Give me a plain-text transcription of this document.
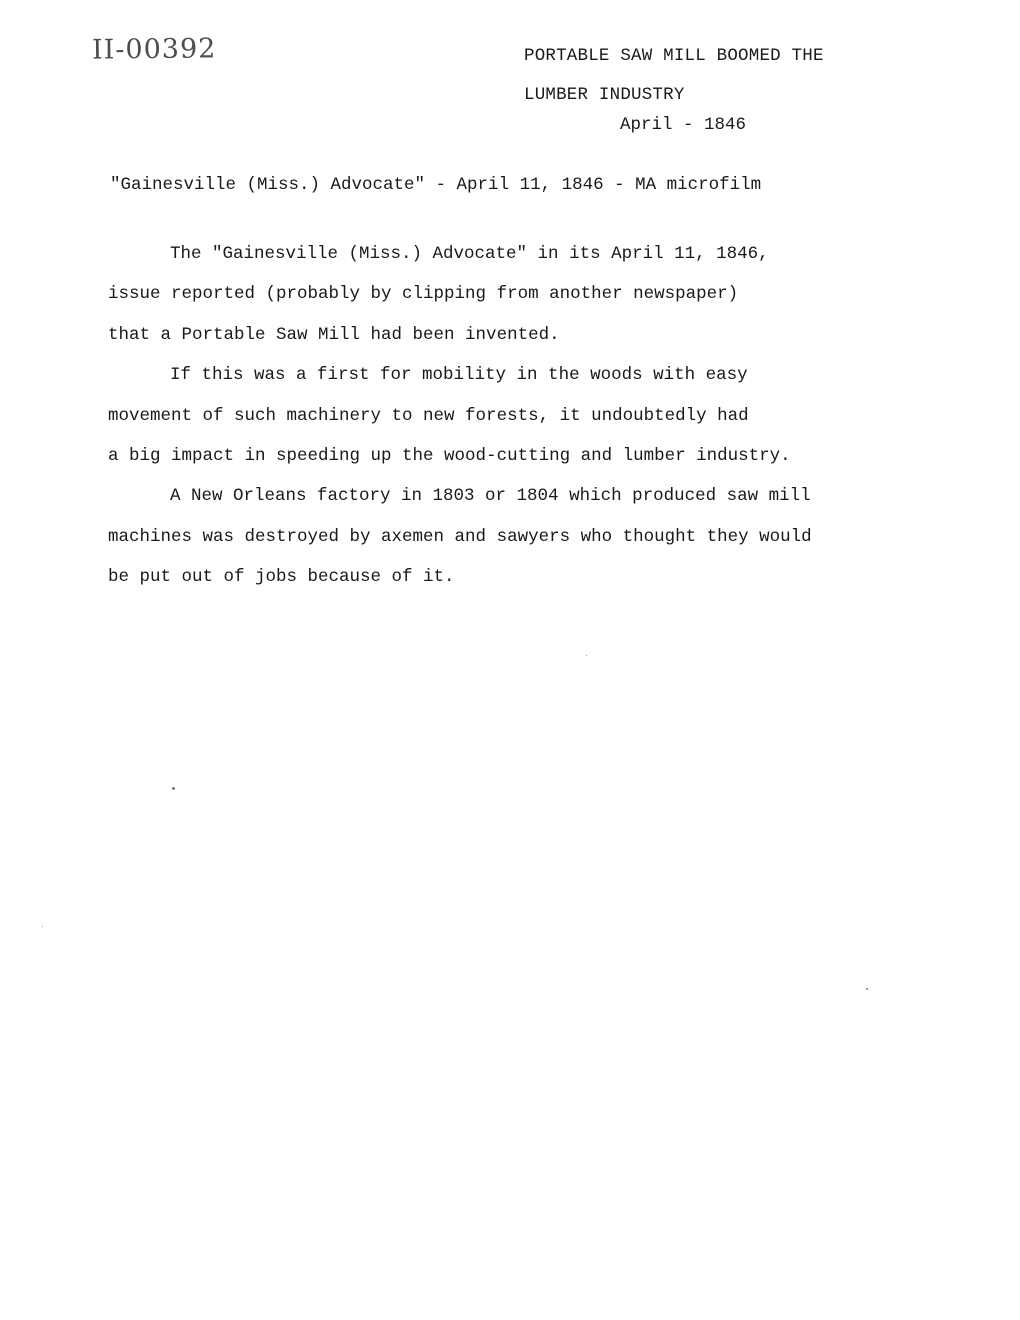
II-00392	PORTABLE SAW MILL BOOMED THE
LUMBER INDUSTRY
April - 1846
"Gainesville (Miss.) Advocate" - April 11, 1846 - MA microfilm
The "Gainesville (Miss.) Advocate" in its April 11, 1846,
issue reported (probably by clipping from another newspaper)
that a Portable Saw Mill had been invented.
If this was a first for mobility in the woods with easy
movement of such machinery to new forests, it undoubtedly had
a big impact in speeding up the wood-cutting and lumber industry.
A New Orleans factory in 1803 or 1804 which produced saw mill
machines was destroyed by axemen and sawyers who thought they would
be put out of jobs because of it.
